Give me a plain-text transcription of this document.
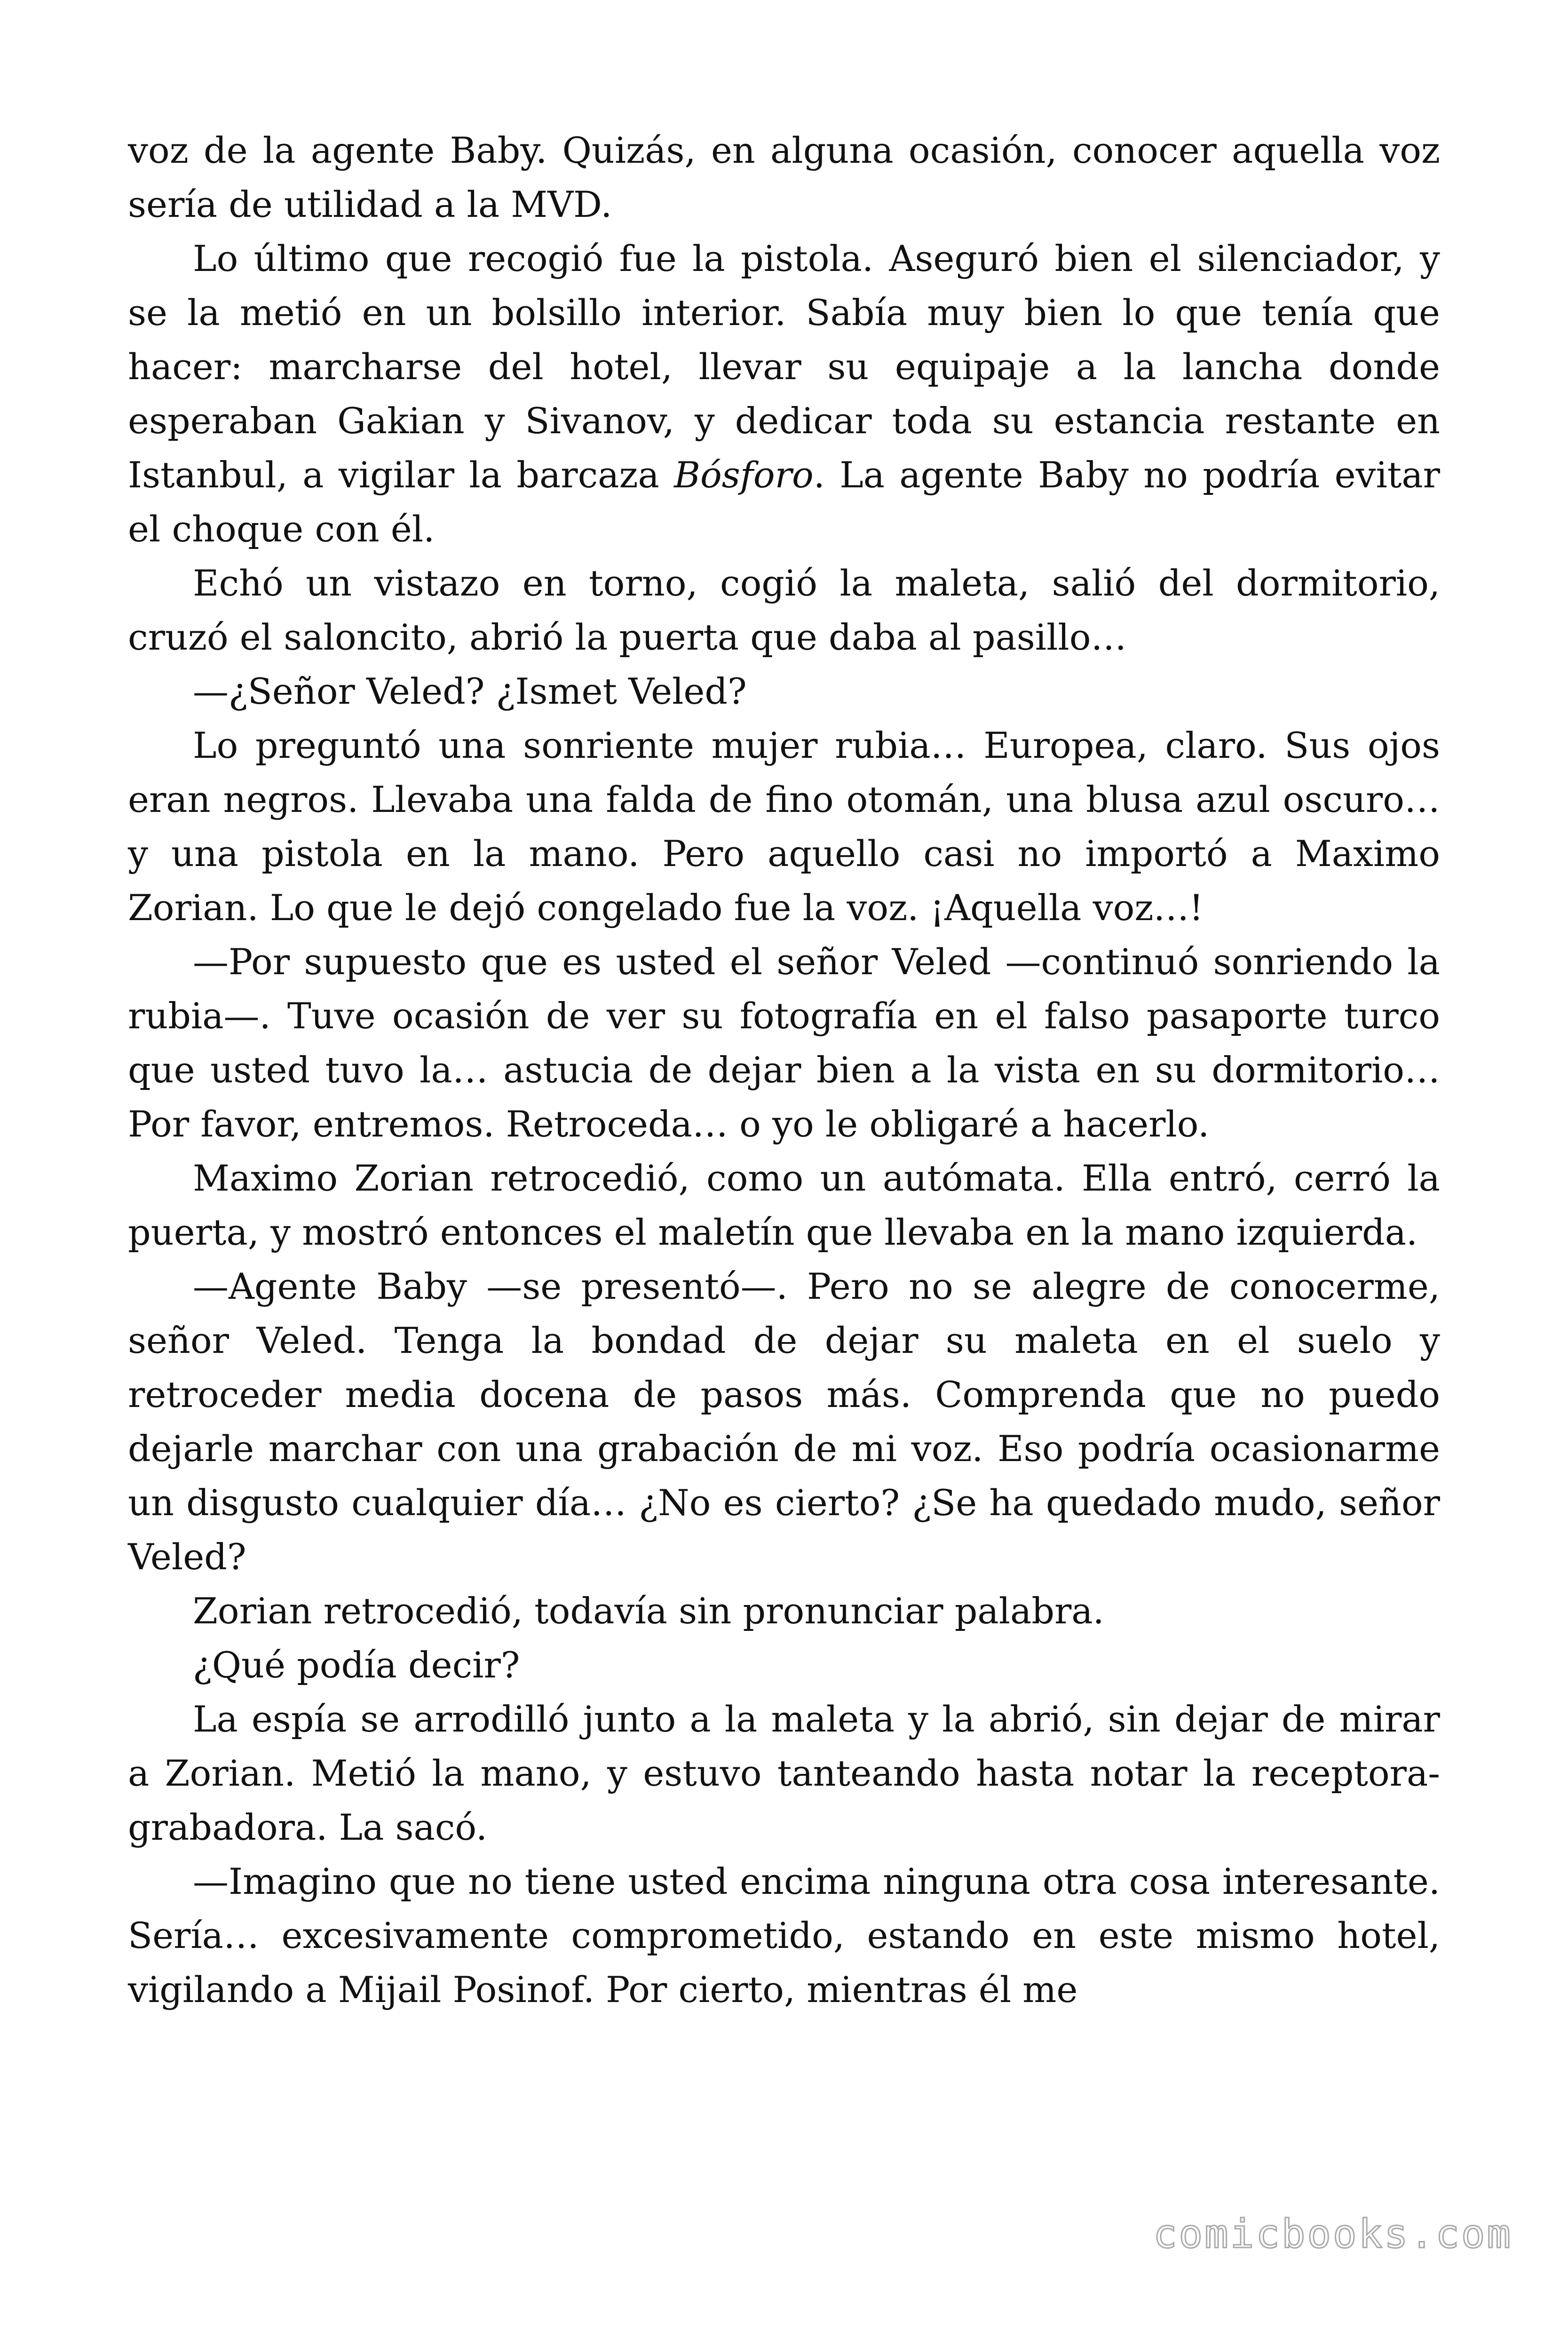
voz de la agente Baby. Quizás, en alguna ocasión, conocer aquella voz sería de utilidad a la MVD.

Lo último que recogió fue la pistola. Aseguró bien el silenciador, y se la metió en un bolsillo interior. Sabía muy bien lo que tenía que hacer: marcharse del hotel, llevar su equipaje a la lancha donde esperaban Gakian y Sivanov, y dedicar toda su estancia restante en Istanbul, a vigilar la barcaza Bósforo. La agente Baby no podría evitar el choque con él.

Echó un vistazo en torno, cogió la maleta, salió del dormitorio, cruzó el saloncito, abrió la puerta que daba al pasillo…

—¿Señor Veled? ¿Ismet Veled?

Lo preguntó una sonriente mujer rubia… Europea, claro. Sus ojos eran negros. Llevaba una falda de fino otomán, una blusa azul oscuro… y una pistola en la mano. Pero aquello casi no importó a Maximo Zorian. Lo que le dejó congelado fue la voz. ¡Aquella voz…!

—Por supuesto que es usted el señor Veled —continuó sonriendo la rubia—. Tuve ocasión de ver su fotografía en el falso pasaporte turco que usted tuvo la… astucia de dejar bien a la vista en su dormitorio… Por favor, entremos. Retroceda… o yo le obligaré a hacerlo.

Maximo Zorian retrocedió, como un autómata. Ella entró, cerró la puerta, y mostró entonces el maletín que llevaba en la mano izquierda.

—Agente Baby —se presentó—. Pero no se alegre de conocerme, señor Veled. Tenga la bondad de dejar su maleta en el suelo y retroceder media docena de pasos más. Comprenda que no puedo dejarle marchar con una grabación de mi voz. Eso podría ocasionarme un disgusto cualquier día… ¿No es cierto? ¿Se ha quedado mudo, señor Veled?

Zorian retrocedió, todavía sin pronunciar palabra.

¿Qué podía decir?

La espía se arrodilló junto a la maleta y la abrió, sin dejar de mirar a Zorian. Metió la mano, y estuvo tanteando hasta notar la receptora-grabadora. La sacó.

—Imagino que no tiene usted encima ninguna otra cosa interesante. Sería… excesivamente comprometido, estando en este mismo hotel, vigilando a Mijail Posinof. Por cierto, mientras él me

comicbooks.com
